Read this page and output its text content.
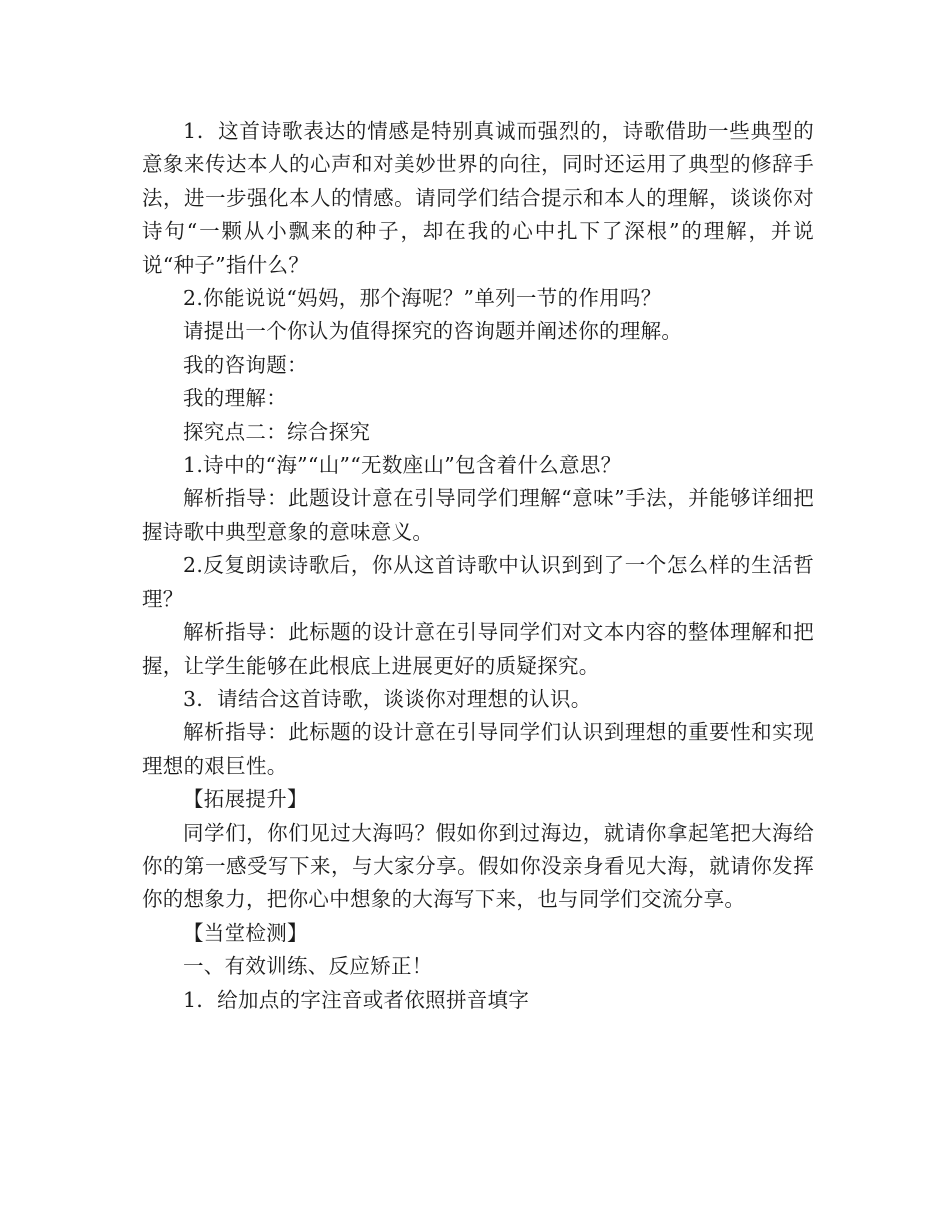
1．这首诗歌表达的情感是特别真诚而强烈的，诗歌借助一些典型的意象来传达本人的心声和对美妙世界的向往，同时还运用了典型的修辞手法，进一步强化本人的情感。请同学们结合提示和本人的理解，谈谈你对诗句“一颗从小飘来的种子，却在我的心中扎下了深根”的理解，并说说“种子”指什么？

2.你能说说“妈妈，那个海呢？”单列一节的作用吗？

请提出一个你认为值得探究的咨询题并阐述你的理解。

我的咨询题：

我的理解：

探究点二：综合探究

1.诗中的“海”“山”“无数座山”包含着什么意思？

解析指导：此题设计意在引导同学们理解“意味”手法，并能够详细把握诗歌中典型意象的意味意义。

2.反复朗读诗歌后，你从这首诗歌中认识到到了一个怎么样的生活哲理？

解析指导：此标题的设计意在引导同学们对文本内容的整体理解和把握，让学生能够在此根底上进展更好的质疑探究。

3．请结合这首诗歌，谈谈你对理想的认识。

解析指导：此标题的设计意在引导同学们认识到理想的重要性和实现理想的艰巨性。

【拓展提升】

同学们，你们见过大海吗？假如你到过海边，就请你拿起笔把大海给你的第一感受写下来，与大家分享。假如你没亲身看见大海，就请你发挥你的想象力，把你心中想象的大海写下来，也与同学们交流分享。

【当堂检测】

一、有效训练、反应矫正！

1．给加点的字注音或者依照拼音填字
